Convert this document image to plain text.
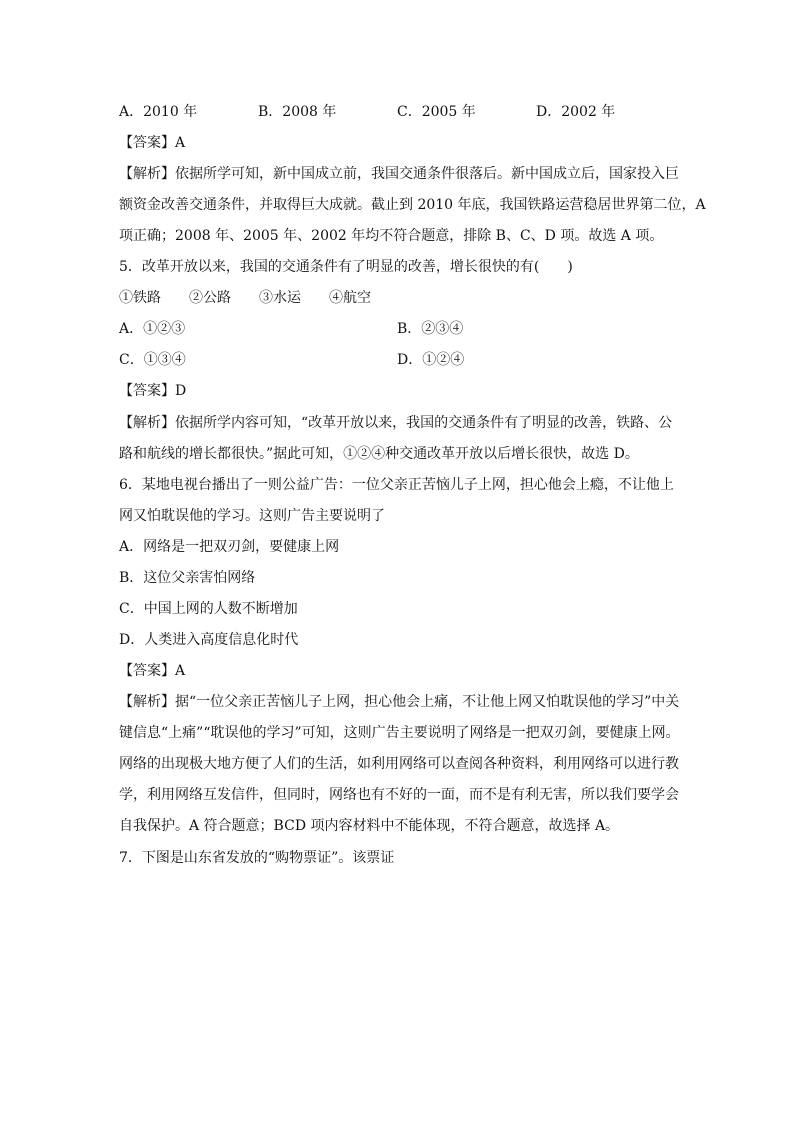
A．2010 年	B．2008 年	C．2005 年	D．2002 年
【答案】A
【解析】依据所学可知，新中国成立前，我国交通条件很落后。新中国成立后，国家投入巨
额资金改善交通条件，并取得巨大成就。截止到 2010 年底，我国铁路运营稳居世界第二位，A
项正确；2008 年、2005 年、2002 年均不符合题意，排除 B、C、D 项。故选 A 项。
5．改革开放以来，我国的交通条件有了明显的改善，增长很快的有(　　)
①铁路　　②公路　　③水运　　④航空
A．①②③	B．②③④
C．①③④	D．①②④
【答案】D
【解析】依据所学内容可知，“改革开放以来，我国的交通条件有了明显的改善，铁路、公
路和航线的增长都很快。”据此可知，①②④种交通改革开放以后增长很快，故选 D。
6．某地电视台播出了一则公益广告：一位父亲正苦恼儿子上网，担心他会上瘾，不让他上
网又怕耽误他的学习。这则广告主要说明了
A．网络是一把双刃剑，要健康上网
B．这位父亲害怕网络
C．中国上网的人数不断增加
D．人类进入高度信息化时代
【答案】A
【解析】据“一位父亲正苦恼儿子上网，担心他会上痛，不让他上网又怕耽误他的学习”中关
键信息“上痛”“耽误他的学习”可知，这则广告主要说明了网络是一把双刃剑，要健康上网。
网络的出现极大地方便了人们的生活，如利用网络可以查阅各种资料，利用网络可以进行教
学，利用网络互发信件，但同时，网络也有不好的一面，而不是有利无害，所以我们要学会
自我保护。A 符合题意；BCD 项内容材料中不能体现，不符合题意，故选择 A。
7．下图是山东省发放的“购物票证”。该票证
